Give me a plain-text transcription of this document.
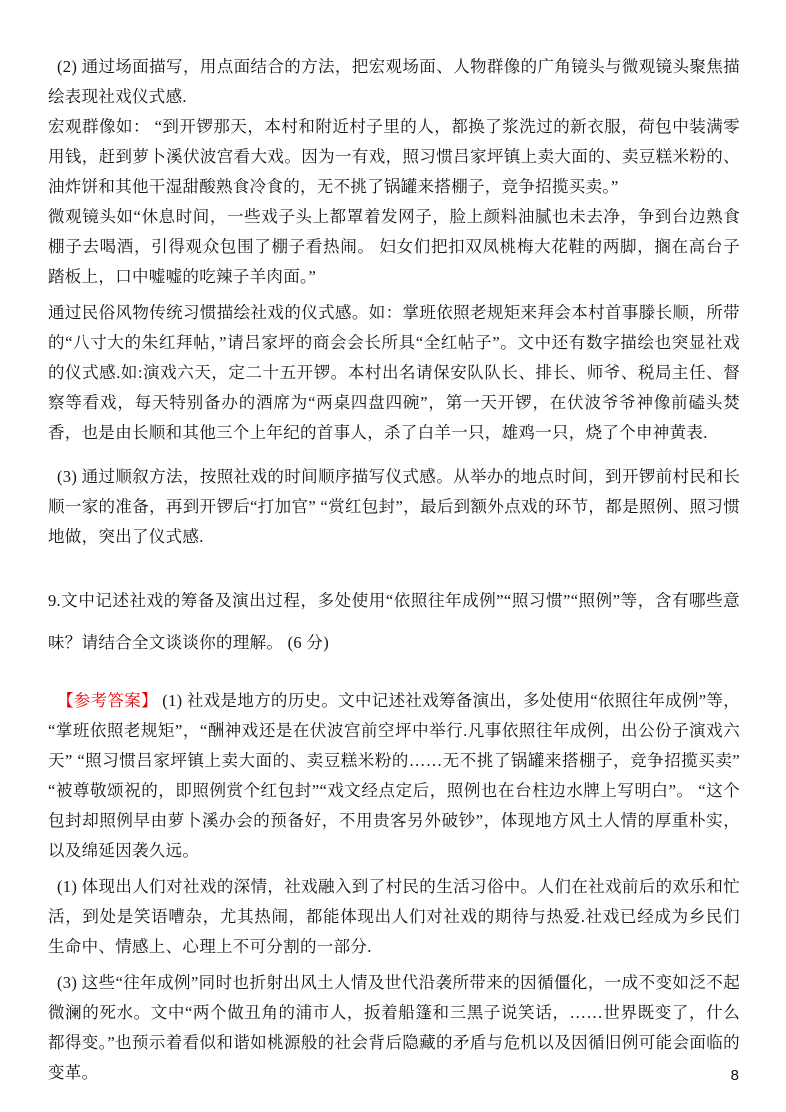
(2) 通过场面描写，用点面结合的方法，把宏观场面、人物群像的广角镜头与微观镜头聚焦描绘表现社戏仪式感.

宏观群像如： “到开锣那天，本村和附近村子里的人，都换了浆洗过的新衣服，荷包中装满零用钱，赶到萝卜溪伏波宫看大戏。因为一有戏，照习惯吕家坪镇上卖大面的、卖豆糕米粉的、油炸饼和其他干湿甜酸熟食冷食的，无不挑了锅罐来搭棚子，竞争招揽买卖。”

微观镜头如“休息时间，一些戏子头上都罩着发网子，脸上颜料油腻也未去净，争到台边熟食棚子去喝酒，引得观众包围了棚子看热闹。 妇女们把扣双凤桃梅大花鞋的两脚，搁在高台子踏板上，口中嘘嘘的吃辣子羊肉面。”

通过民俗风物传统习惯描绘社戏的仪式感。如：掌班依照老规矩来拜会本村首事滕长顺，所带的“八寸大的朱红拜帖，”请吕家坪的商会会长所具“全红帖子”。文中还有数字描绘也突显社戏的仪式感.如:演戏六天，定二十五开锣。本村出名请保安队队长、排长、师爷、税局主任、督察等看戏，每天特别备办的酒席为“两桌四盘四碗”，第一天开锣，在伏波爷爷神像前磕头焚香，也是由长顺和其他三个上年纪的首事人，杀了白羊一只，雄鸡一只，烧了个申神黄表.

(3) 通过顺叙方法，按照社戏的时间顺序描写仪式感。从举办的地点时间，到开锣前村民和长顺一家的准备，再到开锣后“打加官” “赏红包封”，最后到额外点戏的环节，都是照例、照习惯地做，突出了仪式感.

9.文中记述社戏的筹备及演出过程，多处使用“依照往年成例”“照习惯”“照例”等，含有哪些意味？请结合全文谈谈你的理解。 (6 分)

【参考答案】 (1) 社戏是地方的历史。文中记述社戏筹备演出，多处使用“依照往年成例”等，“掌班依照老规矩”，“酬神戏还是在伏波宫前空坪中举行.凡事依照往年成例，出公份子演戏六天” “照习惯吕家坪镇上卖大面的、卖豆糕米粉的……无不挑了锅罐来搭棚子，竞争招揽买卖” “被尊敬颂祝的，即照例赏个红包封”“戏文经点定后，照例也在台柱边水牌上写明白”。 “这个包封却照例早由萝卜溪办会的预备好，不用贵客另外破钞”，体现地方风土人情的厚重朴实，以及绵延因袭久远。

(1) 体现出人们对社戏的深情，社戏融入到了村民的生活习俗中。人们在社戏前后的欢乐和忙活，到处是笑语嘈杂，尤其热闹，都能体现出人们对社戏的期待与热爱.社戏已经成为乡民们生命中、情感上、心理上不可分割的一部分.

(3) 这些“往年成例”同时也折射出风土人情及世代沿袭所带来的因循僵化，一成不变如泛不起微澜的死水。文中“两个做丑角的浦市人，扳着船篷和三黑子说笑话，……世界既变了，什么都得变。”也预示着看似和谐如桃源般的社会背后隐藏的矛盾与危机以及因循旧例可能会面临的变革。	8
